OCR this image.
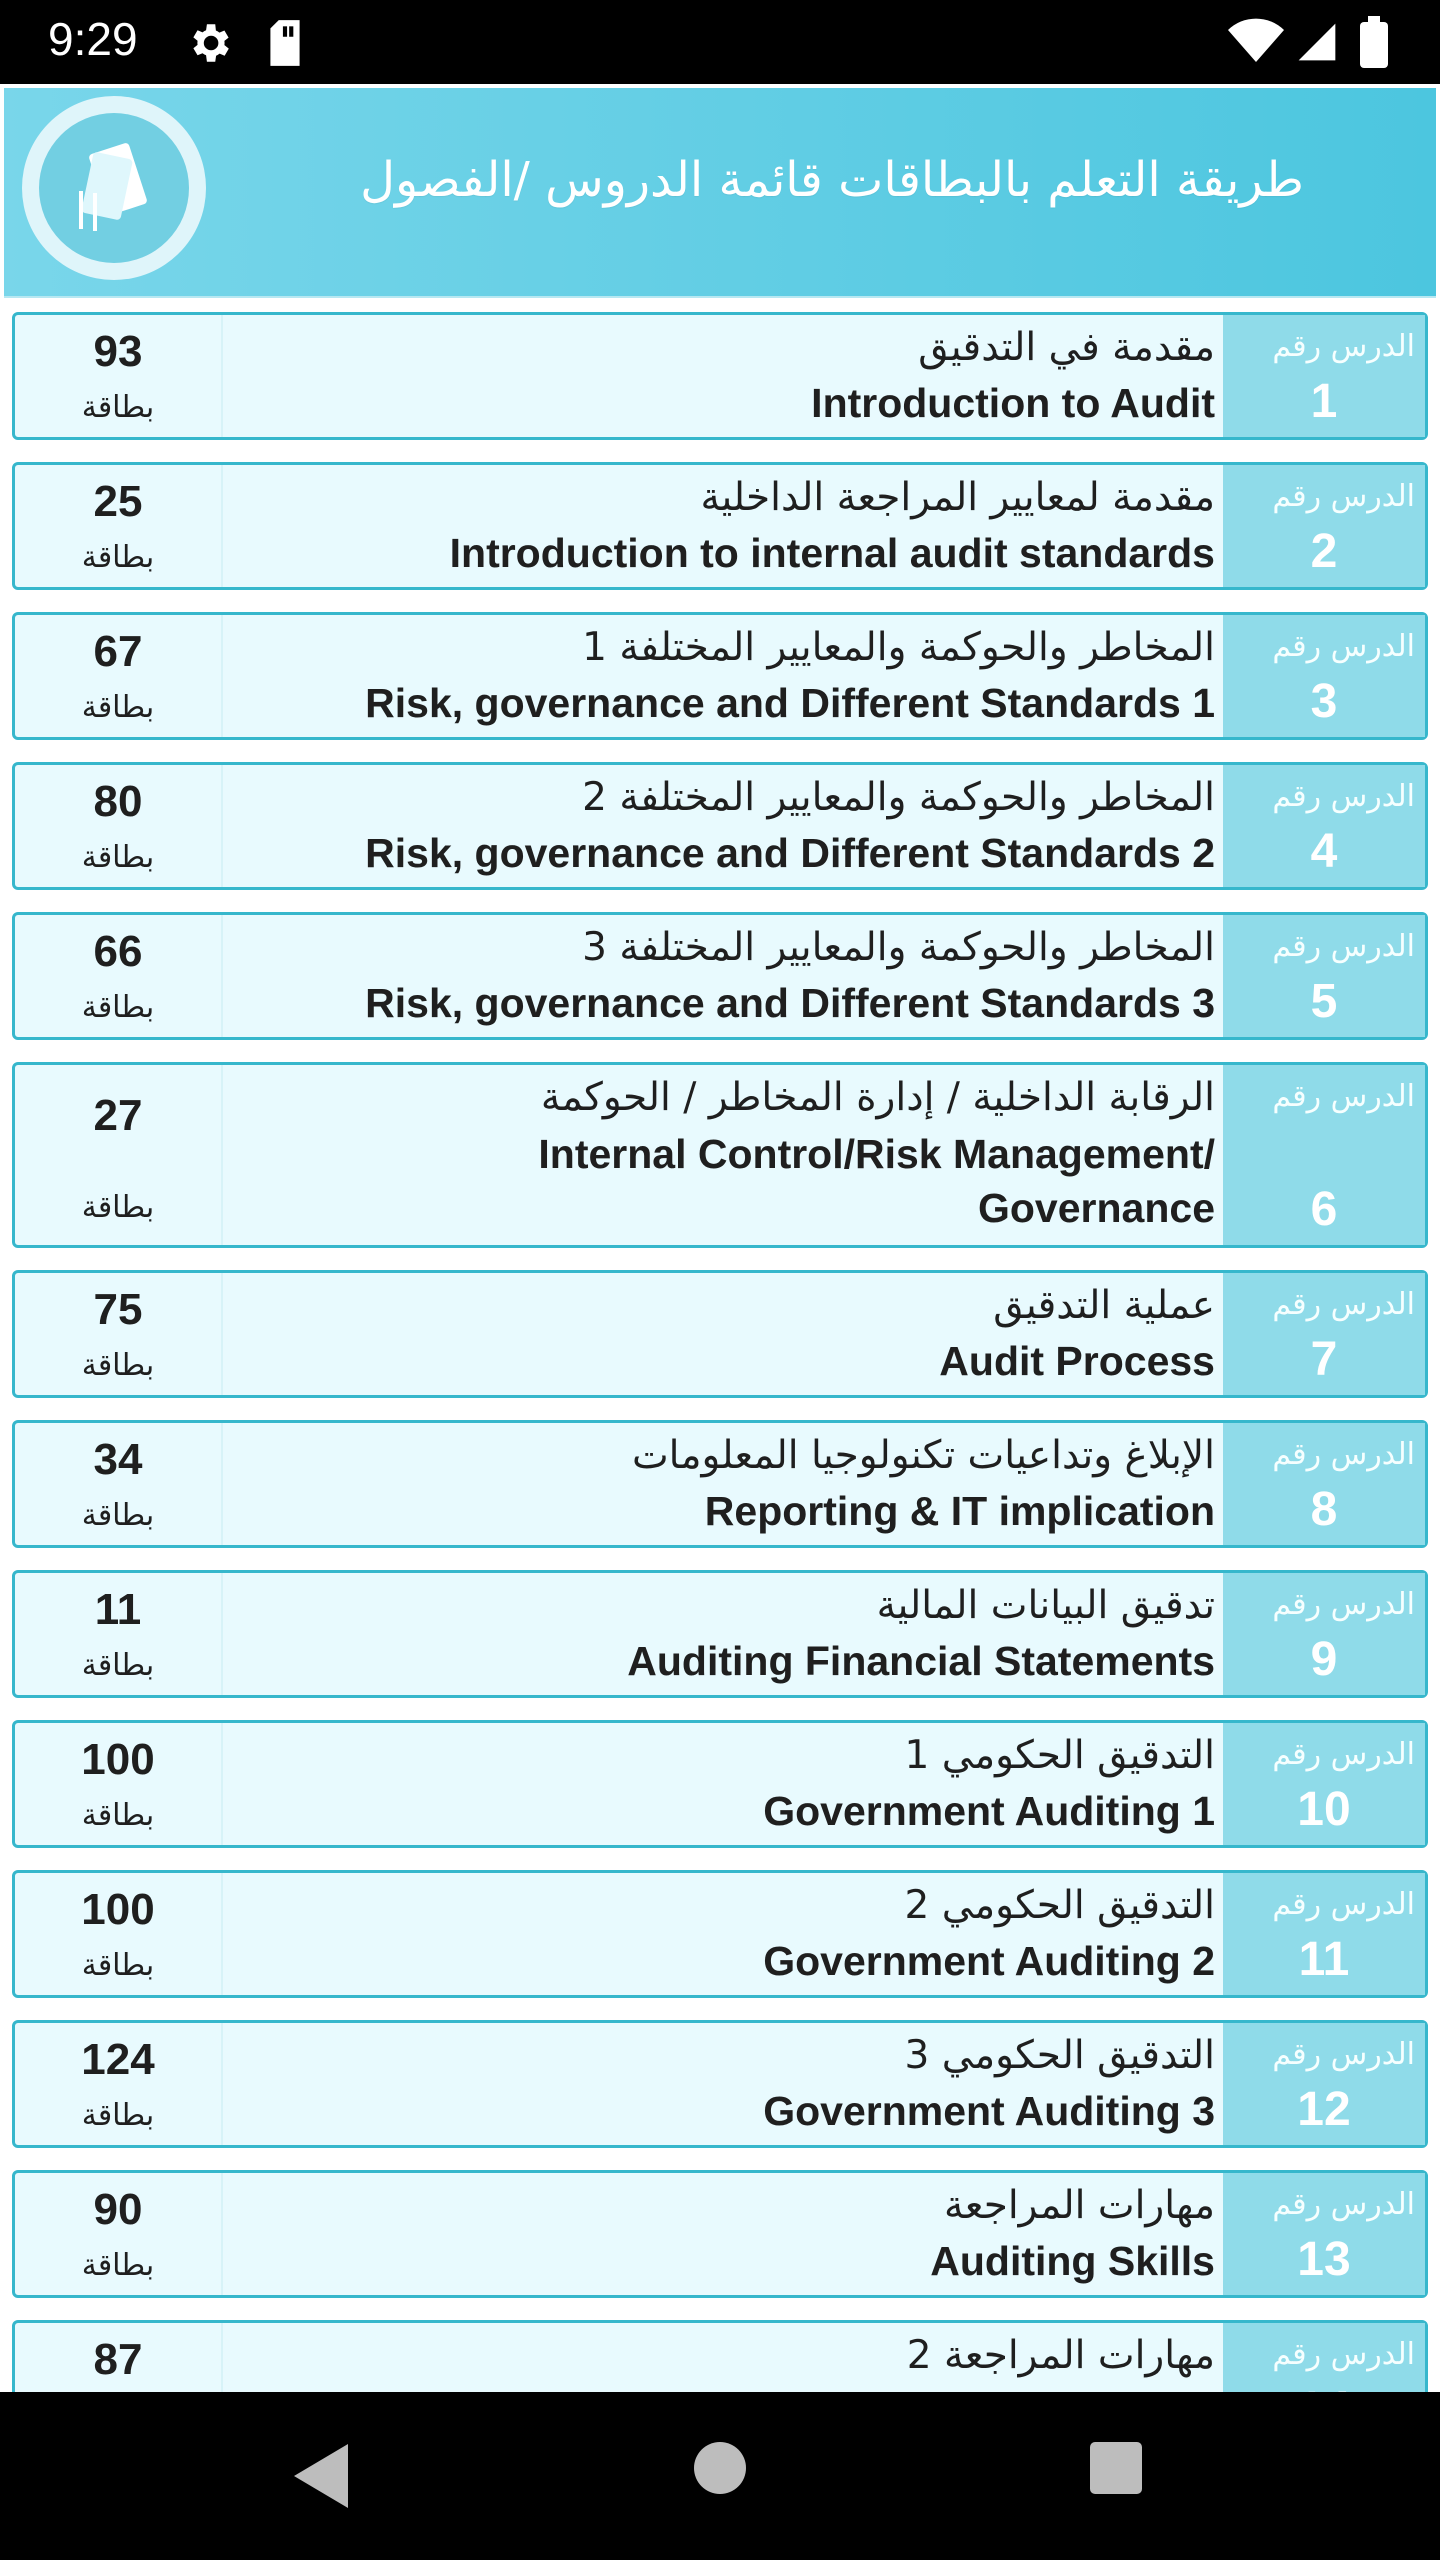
9:29
طريقة التعلم بالبطاقات قائمة الدروس /الفصول
93
بطاقة
مقدمة في التدقيق
Introduction to Audit
الدرس رقم
1
25
بطاقة
مقدمة لمعايير المراجعة الداخلية
Introduction to internal audit standards
الدرس رقم
2
67
بطاقة
المخاطر والحوكمة والمعايير المختلفة 1
Risk, governance and Different Standards 1
الدرس رقم
3
80
بطاقة
المخاطر والحوكمة والمعايير المختلفة 2
Risk, governance and Different Standards 2
الدرس رقم
4
66
بطاقة
المخاطر والحوكمة والمعايير المختلفة 3
Risk, governance and Different Standards 3
الدرس رقم
5
27
بطاقة
الرقابة الداخلية / إدارة المخاطر / الحوكمة
Internal Control/Risk Management/ Governance
الدرس رقم
6
75
بطاقة
عملية التدقيق
Audit Process
الدرس رقم
7
34
بطاقة
الإبلاغ وتداعيات تكنولوجيا المعلومات
Reporting & IT implication
الدرس رقم
8
11
بطاقة
تدقيق البيانات المالية
Auditing Financial Statements
الدرس رقم
9
100
بطاقة
التدقيق الحكومي 1
Government Auditing 1
الدرس رقم
10
100
بطاقة
التدقيق الحكومي 2
Government Auditing 2
الدرس رقم
11
124
بطاقة
التدقيق الحكومي 3
Government Auditing 3
الدرس رقم
12
90
بطاقة
مهارات المراجعة
Auditing Skills
الدرس رقم
13
87	مهارات المراجعة 2 الدرس رقم
